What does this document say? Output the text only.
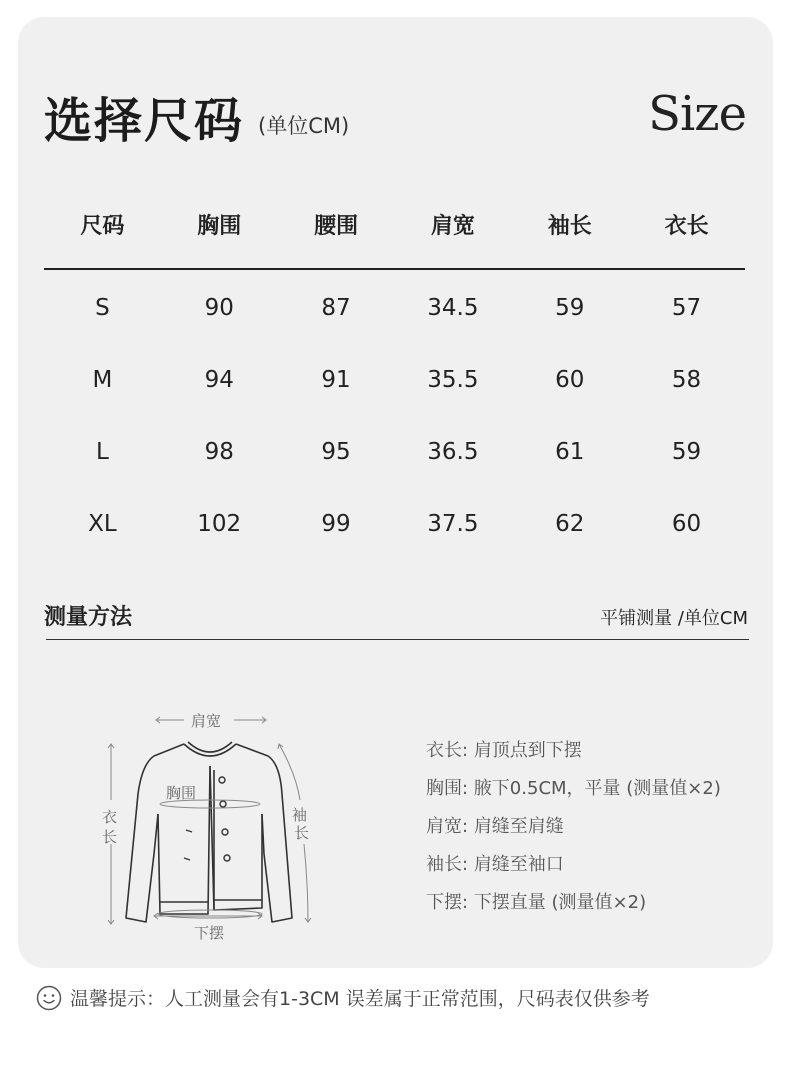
选择尺码 (单位CM)	Size
尺码	胸围	腰围	肩宽	袖长	衣长
S	90	87	34.5	59	57
M	94	91	35.5	60	58
L	98	95	36.5	61	59
XL	102	99	37.5	62	60
测量方法	平铺测量 /单位CM
肩宽
胸围
衣
长
袖
长
下摆
衣长: 肩顶点到下摆
胸围: 腋下0.5CM，平量 (测量值×2)
肩宽: 肩缝至肩缝
袖长: 肩缝至袖口
下摆: 下摆直量 (测量值×2)
温馨提示：人工测量会有1-3CM 误差属于正常范围，尺码表仅供参考
